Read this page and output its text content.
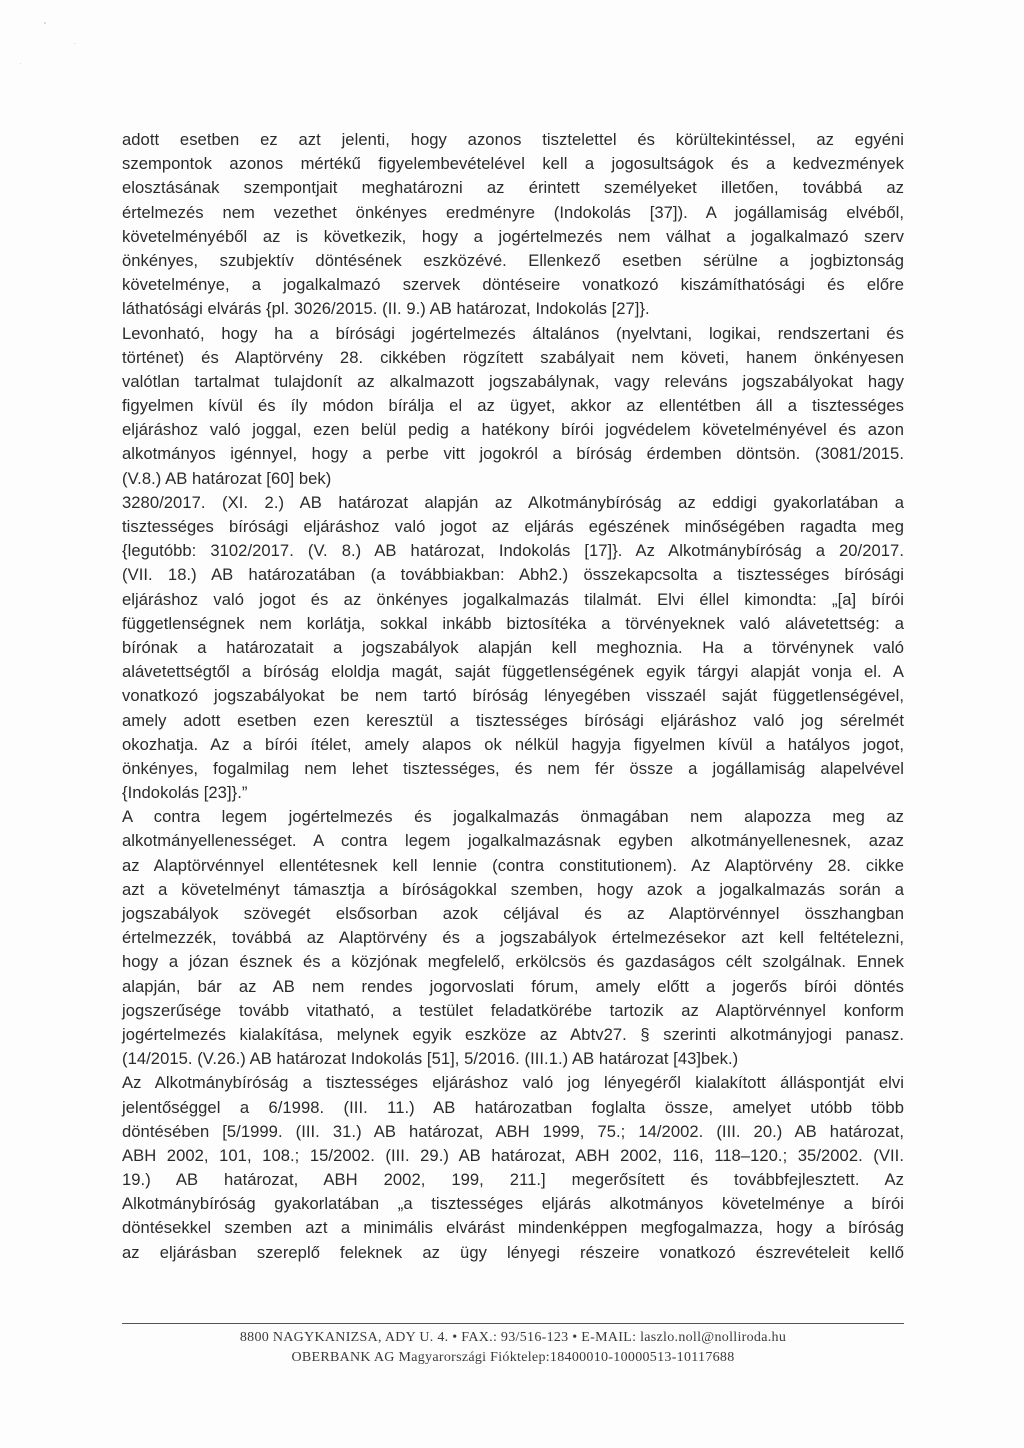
adott esetben ez azt jelenti, hogy azonos tisztelettel és körültekintéssel, az egyéni
szempontok azonos mértékű figyelembevételével kell a jogosultságok és a kedvezmények
elosztásának szempontjait meghatározni az érintett személyeket illetően, továbbá az
értelmezés nem vezethet önkényes eredményre (Indokolás [37]). A jogállamiság elvéből,
követelményéből az is következik, hogy a jogértelmezés nem válhat a jogalkalmazó szerv
önkényes, szubjektív döntésének eszközévé. Ellenkező esetben sérülne a jogbiztonság
követelménye, a jogalkalmazó szervek döntéseire vonatkozó kiszámíthatósági és előre
láthatósági elvárás {pl. 3026/2015. (II. 9.) AB határozat, Indokolás [27]}.
Levonható, hogy ha a bírósági jogértelmezés általános (nyelvtani, logikai, rendszertani és
történet) és Alaptörvény 28. cikkében rögzített szabályait nem követi, hanem önkényesen
valótlan tartalmat tulajdonít az alkalmazott jogszabálynak, vagy releváns jogszabályokat hagy
figyelmen kívül és íly módon bírálja el az ügyet, akkor az ellentétben áll a tisztességes
eljáráshoz való joggal, ezen belül pedig a hatékony bírói jogvédelem követelményével és azon
alkotmányos igénnyel, hogy a perbe vitt jogokról a bíróság érdemben döntsön. (3081/2015.
(V.8.) AB határozat [60] bek)
3280/2017. (XI. 2.) AB határozat alapján az Alkotmánybíróság az eddigi gyakorlatában a
tisztességes bírósági eljáráshoz való jogot az eljárás egészének minőségében ragadta meg
{legutóbb: 3102/2017. (V. 8.) AB határozat, Indokolás [17]}. Az Alkotmánybíróság a 20/2017.
(VII. 18.) AB határozatában (a továbbiakban: Abh2.) összekapcsolta a tisztességes bírósági
eljáráshoz való jogot és az önkényes jogalkalmazás tilalmát. Elvi éllel kimondta: „[a] bírói
függetlenségnek nem korlátja, sokkal inkább biztosítéka a törvényeknek való alávetettség: a
bírónak a határozatait a jogszabályok alapján kell meghoznia. Ha a törvénynek való
alávetettségtől a bíróság eloldja magát, saját függetlenségének egyik tárgyi alapját vonja el. A
vonatkozó jogszabályokat be nem tartó bíróság lényegében visszaél saját függetlenségével,
amely adott esetben ezen keresztül a tisztességes bírósági eljáráshoz való jog sérelmét
okozhatja. Az a bírói ítélet, amely alapos ok nélkül hagyja figyelmen kívül a hatályos jogot,
önkényes, fogalmilag nem lehet tisztességes, és nem fér össze a jogállamiság alapelvével
{Indokolás [23]}.”
A contra legem jogértelmezés és jogalkalmazás önmagában nem alapozza meg az
alkotmányellenességet. A contra legem jogalkalmazásnak egyben alkotmányellenesnek, azaz
az Alaptörvénnyel ellentétesnek kell lennie (contra constitutionem). Az Alaptörvény 28. cikke
azt a követelményt támasztja a bíróságokkal szemben, hogy azok a jogalkalmazás során a
jogszabályok szövegét elsősorban azok céljával és az Alaptörvénnyel összhangban
értelmezzék, továbbá az Alaptörvény és a jogszabályok értelmezésekor azt kell feltételezni,
hogy a józan észnek és a közjónak megfelelő, erkölcsös és gazdaságos célt szolgálnak. Ennek
alapján, bár az AB nem rendes jogorvoslati fórum, amely előtt a jogerős bírói döntés
jogszerűsége tovább vitatható, a testület feladatkörébe tartozik az Alaptörvénnyel konform
jogértelmezés kialakítása, melynek egyik eszköze az Abtv27. § szerinti alkotmányjogi panasz.
(14/2015. (V.26.) AB határozat Indokolás [51], 5/2016. (III.1.) AB határozat [43]bek.)
Az Alkotmánybíróság a tisztességes eljáráshoz való jog lényegéről kialakított álláspontját elvi
jelentőséggel a 6/1998. (III. 11.) AB határozatban foglalta össze, amelyet utóbb több
döntésében [5/1999. (III. 31.) AB határozat, ABH 1999, 75.; 14/2002. (III. 20.) AB határozat,
ABH 2002, 101, 108.; 15/2002. (III. 29.) AB határozat, ABH 2002, 116, 118–120.; 35/2002. (VII.
19.) AB határozat, ABH 2002, 199, 211.] megerősített és továbbfejlesztett. Az
Alkotmánybíróság gyakorlatában „a tisztességes eljárás alkotmányos követelménye a bírói
döntésekkel szemben azt a minimális elvárást mindenképpen megfogalmazza, hogy a bíróság
az eljárásban szereplő feleknek az ügy lényegi részeire vonatkozó észrevételeit kellő
8800 NAGYKANIZSA, ADY U. 4. • FAX.: 93/516-123 • E-MAIL: laszlo.noll@nolliroda.hu
OBERBANK AG Magyarországi Fióktelep:18400010-10000513-10117688
